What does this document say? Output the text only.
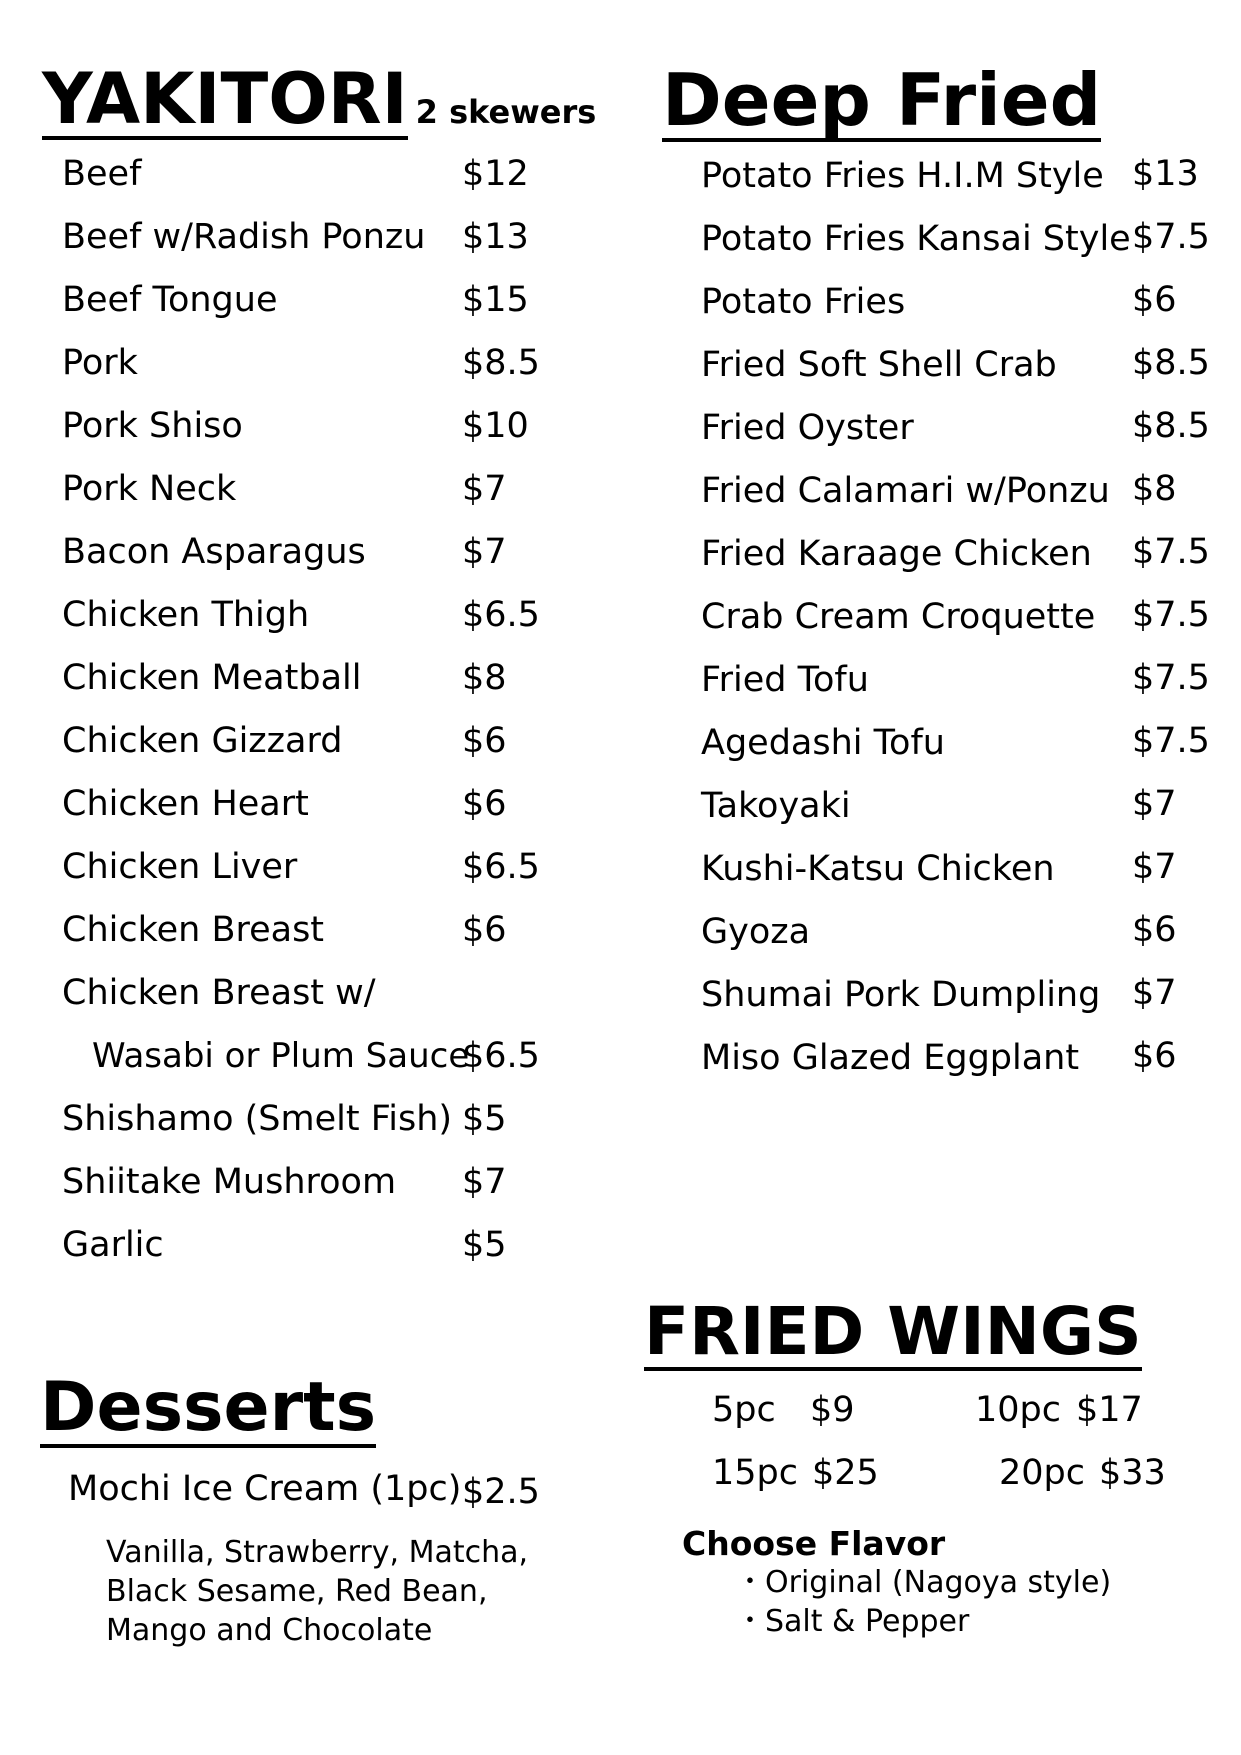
YAKITORI 2 skewers
Beef	$12
Beef w/Radish Ponzu $13
Beef Tongue	$15
Pork	$8.5
Pork Shiso	$10
Pork Neck	$7
Bacon Asparagus	$7
Chicken Thigh	$6.5
Chicken Meatball	$8
Chicken Gizzard	$6
Chicken Heart	$6
Chicken Liver	$6.5
Chicken Breast	$6
Chicken Breast w/
Wasabi or Plum Sauce
$6.5
Shishamo (Smelt Fish) $5
Shiitake Mushroom $7
Garlic	$5
Deep Fried
Potato Fries H.I.M Style $13
Potato Fries Kansai Style $7.5
Potato Fries	$6
Fried Soft Shell Crab $8.5
Fried Oyster	$8.5
Fried Calamari w/Ponzu $8
Fried Karaage Chicken $7.5
Crab Cream Croquette $7.5
Fried Tofu	$7.5
Agedashi Tofu	$7.5
Takoyaki	$7
Kushi-Katsu Chicken $7
Gyoza	$6
Shumai Pork Dumpling $7
Miso Glazed Eggplant $6
FRIED WINGS
5pc $9	10pc $17
15pc $25	20pc $33
Choose Flavor
・Original (Nagoya style)
・Salt & Pepper
Desserts
Mochi Ice Cream (1pc) $2.5
Vanilla, Strawberry, Matcha,
Black Sesame, Red Bean,
Mango and Chocolate
